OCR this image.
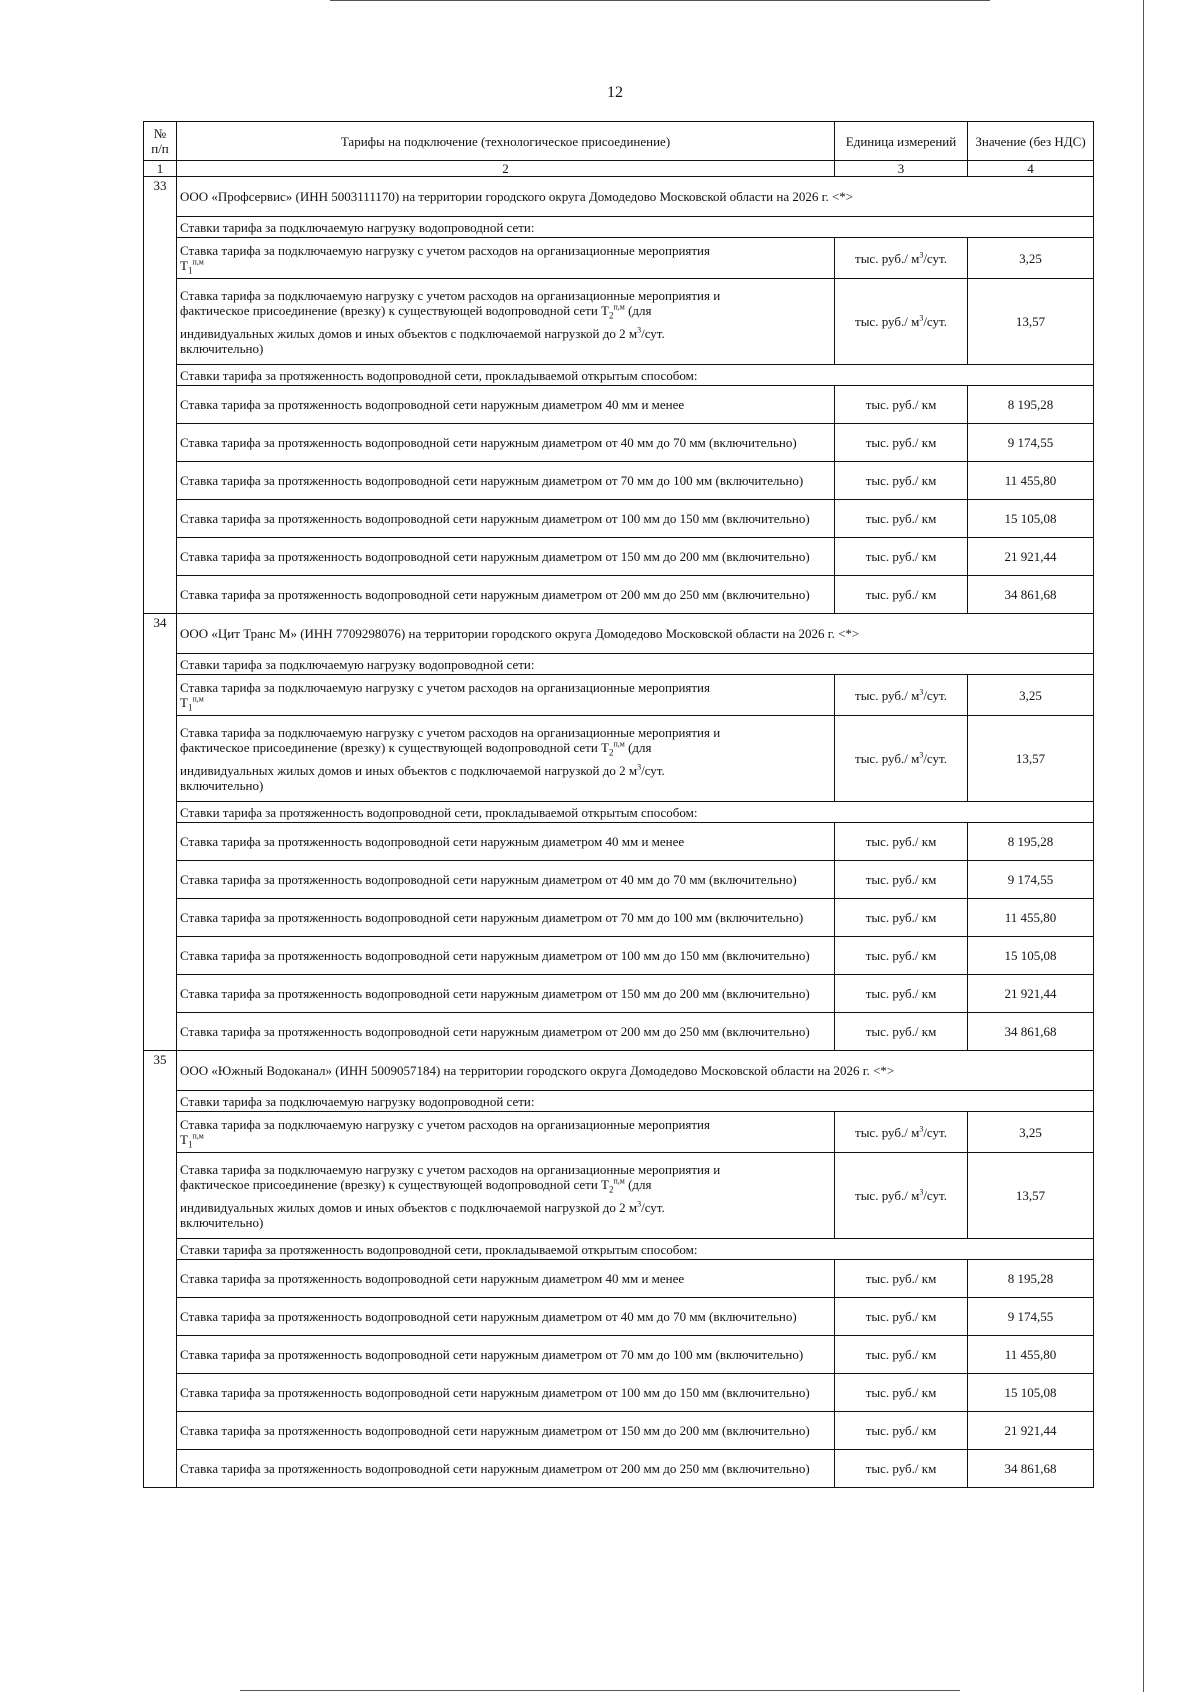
12
№ п/п	Тарифы на подключение (технологическое присоединение)	Единица измерений	Значение (без НДС)
1	2	3	4
33	ООО «Профсервис» (ИНН 5003111170) на территории городского округа Домодедово Московской области на 2026 г. <*>		
	Ставки тарифа за подключаемую нагрузку водопроводной сети:		
	Ставка тарифа за подключаемую нагрузку с учетом расходов на организационные мероприятия
$T_1^{п,м}$	тыс. руб./ $м^3$/сут.	3,25

	Ставка тарифа за подключаемую нагрузку с учетом расходов на организационные мероприятия и
фактическое присоединение (врезку) к существующей водопроводной сети $T_2^{п,м}$ (для
индивидуальных жилых домов и иных объектов с подключаемой нагрузкой до 2 $м^3$/сут.
включительно)	тыс. руб./ $м^3$/сут.	13,57
	Ставки тарифа за протяженность водопроводной сети, прокладываемой открытым способом:		
	Ставка тарифа за протяженность водопроводной сети наружным диаметром 40 мм и менее	тыс. руб./ км	8 195,28
	Ставка тарифа за протяженность водопроводной сети наружным диаметром от 40 мм до 70 мм (включительно)	тыс. руб./ км	9 174,55
	Ставка тарифа за протяженность водопроводной сети наружным диаметром от 70 мм до 100 мм (включительно)	тыс. руб./ км	11 455,80
	Ставка тарифа за протяженность водопроводной сети наружным диаметром от 100 мм до 150 мм (включительно)	тыс. руб./ км	15 105,08
	Ставка тарифа за протяженность водопроводной сети наружным диаметром от 150 мм до 200 мм (включительно)	тыс. руб./ км	21 921,44
	Ставка тарифа за протяженность водопроводной сети наружным диаметром от 200 мм до 250 мм (включительно)	тыс. руб./ км	34 861,68
34	ООО «Цит Транс М» (ИНН 7709298076) на территории городского округа Домодедово Московской области на 2026 г. <*>		
	Ставки тарифа за подключаемую нагрузку водопроводной сети:		
	Ставка тарифа за подключаемую нагрузку с учетом расходов на организационные мероприятия
$T_1^{п,м}$	тыс. руб./ $м^3$/сут.	3,25

	Ставка тарифа за подключаемую нагрузку с учетом расходов на организационные мероприятия и
фактическое присоединение (врезку) к существующей водопроводной сети $T_2^{п,м}$ (для
индивидуальных жилых домов и иных объектов с подключаемой нагрузкой до 2 $м^3$/сут.
включительно)	тыс. руб./ $м^3$/сут.	13,57
	Ставки тарифа за протяженность водопроводной сети, прокладываемой открытым способом:		
	Ставка тарифа за протяженность водопроводной сети наружным диаметром 40 мм и менее	тыс. руб./ км	8 195,28
	Ставка тарифа за протяженность водопроводной сети наружным диаметром от 40 мм до 70 мм (включительно)	тыс. руб./ км	9 174,55
	Ставка тарифа за протяженность водопроводной сети наружным диаметром от 70 мм до 100 мм (включительно)	тыс. руб./ км	11 455,80
	Ставка тарифа за протяженность водопроводной сети наружным диаметром от 100 мм до 150 мм (включительно)	тыс. руб./ км	15 105,08
	Ставка тарифа за протяженность водопроводной сети наружным диаметром от 150 мм до 200 мм (включительно)	тыс. руб./ км	21 921,44
	Ставка тарифа за протяженность водопроводной сети наружным диаметром от 200 мм до 250 мм (включительно)	тыс. руб./ км	34 861,68
35	ООО «Южный Водоканал» (ИНН 5009057184) на территории городского округа Домодедово Московской области на 2026 г. <*>		
	Ставки тарифа за подключаемую нагрузку водопроводной сети:		
	Ставка тарифа за подключаемую нагрузку с учетом расходов на организационные мероприятия
$T_1^{п,м}$	тыс. руб./ $м^3$/сут.	3,25

	Ставка тарифа за подключаемую нагрузку с учетом расходов на организационные мероприятия и
фактическое присоединение (врезку) к существующей водопроводной сети $T_2^{п,м}$ (для
индивидуальных жилых домов и иных объектов с подключаемой нагрузкой до 2 $м^3$/сут.
включительно)	тыс. руб./ $м^3$/сут.	13,57
	Ставки тарифа за протяженность водопроводной сети, прокладываемой открытым способом:		
	Ставка тарифа за протяженность водопроводной сети наружным диаметром 40 мм и менее	тыс. руб./ км	8 195,28
	Ставка тарифа за протяженность водопроводной сети наружным диаметром от 40 мм до 70 мм (включительно)	тыс. руб./ км	9 174,55
	Ставка тарифа за протяженность водопроводной сети наружным диаметром от 70 мм до 100 мм (включительно)	тыс. руб./ км	11 455,80
	Ставка тарифа за протяженность водопроводной сети наружным диаметром от 100 мм до 150 мм (включительно)	тыс. руб./ км	15 105,08
	Ставка тарифа за протяженность водопроводной сети наружным диаметром от 150 мм до 200 мм (включительно)	тыс. руб./ км	21 921,44
	Ставка тарифа за протяженность водопроводной сети наружным диаметром от 200 мм до 250 мм (включительно)	тыс. руб./ км	34 861,68
